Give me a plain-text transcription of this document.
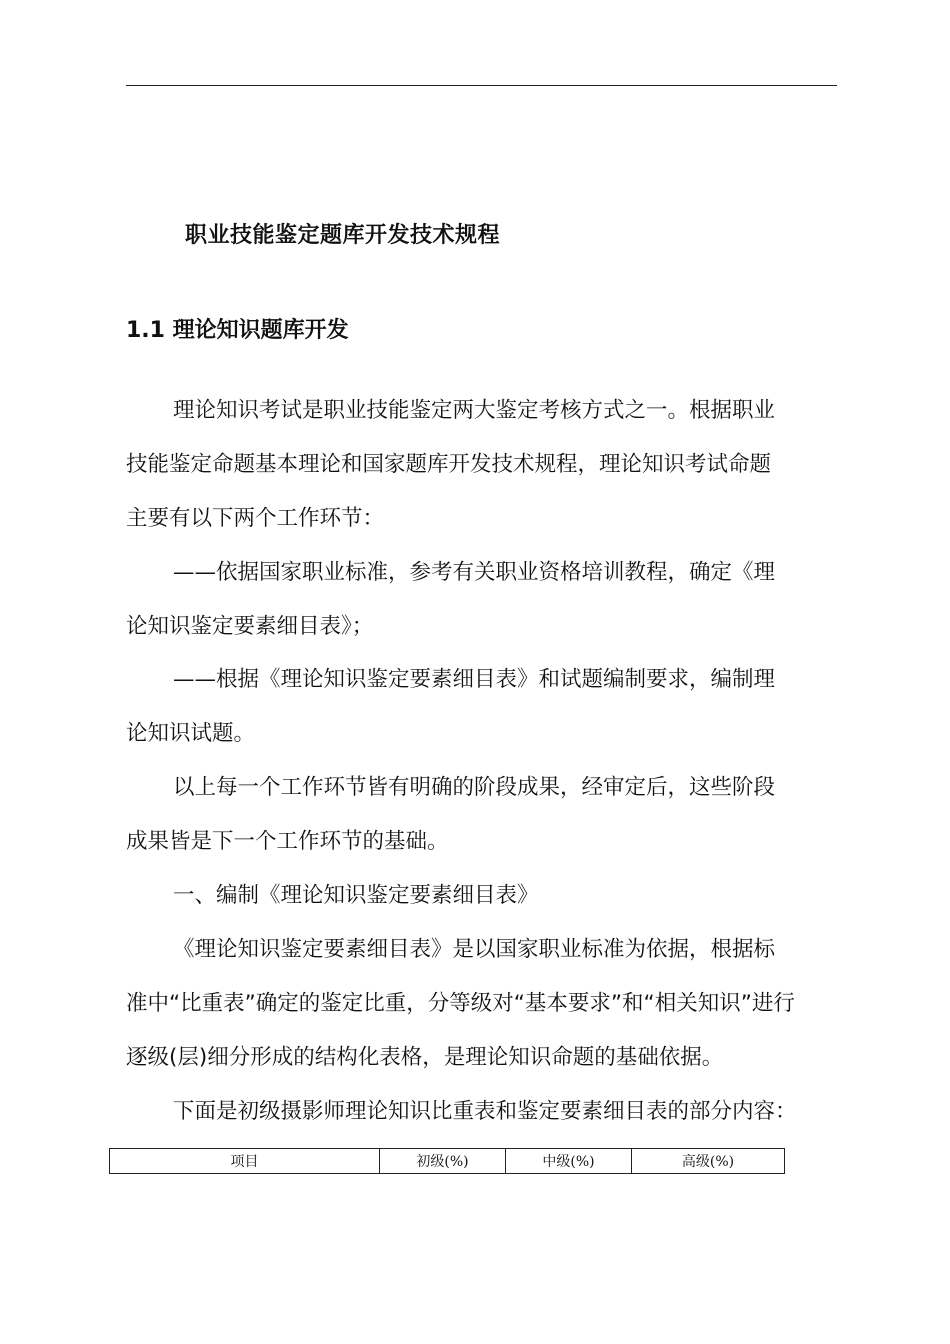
职业技能鉴定题库开发技术规程
1.1 理论知识题库开发
理论知识考试是职业技能鉴定两大鉴定考核方式之一。根据职业
技能鉴定命题基本理论和国家题库开发技术规程，理论知识考试命题
主要有以下两个工作环节：
——依据国家职业标准，参考有关职业资格培训教程，确定《理
论知识鉴定要素细目表》；
——根据《理论知识鉴定要素细目表》和试题编制要求，编制理
论知识试题。
以上每一个工作环节皆有明确的阶段成果，经审定后，这些阶段
成果皆是下一个工作环节的基础。
一、编制《理论知识鉴定要素细目表》
《理论知识鉴定要素细目表》是以国家职业标准为依据，根据标
准中“比重表”确定的鉴定比重，分等级对“基本要求”和“相关知识”进行
逐级(层)细分形成的结构化表格，是理论知识命题的基础依据。
下面是初级摄影师理论知识比重表和鉴定要素细目表的部分内容：
项目	初级(%)	中级(%)	高级(%)
